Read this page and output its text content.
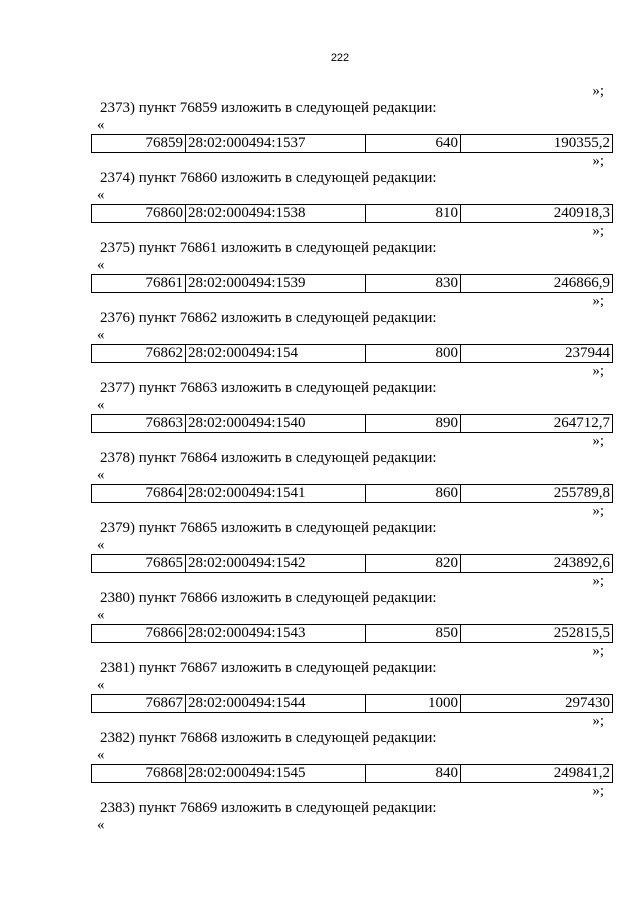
222
»;
2373) пункт 76859 изложить в следующей редакции:
«
76859	28:02:000494:1537	640	190355,2
»;
2374) пункт 76860 изложить в следующей редакции:
«
76860	28:02:000494:1538	810	240918,3
»;
2375) пункт 76861 изложить в следующей редакции:
«
76861	28:02:000494:1539	830	246866,9
»;
2376) пункт 76862 изложить в следующей редакции:
«
76862	28:02:000494:154	800	237944
»;
2377) пункт 76863 изложить в следующей редакции:
«
76863	28:02:000494:1540	890	264712,7
»;
2378) пункт 76864 изложить в следующей редакции:
«
76864	28:02:000494:1541	860	255789,8
»;
2379) пункт 76865 изложить в следующей редакции:
«
76865	28:02:000494:1542	820	243892,6
»;
2380) пункт 76866 изложить в следующей редакции:
«
76866	28:02:000494:1543	850	252815,5
»;
2381) пункт 76867 изложить в следующей редакции:
«
76867	28:02:000494:1544	1000	297430
»;
2382) пункт 76868 изложить в следующей редакции:
«
76868	28:02:000494:1545	840	249841,2
»;
2383) пункт 76869 изложить в следующей редакции:
«
